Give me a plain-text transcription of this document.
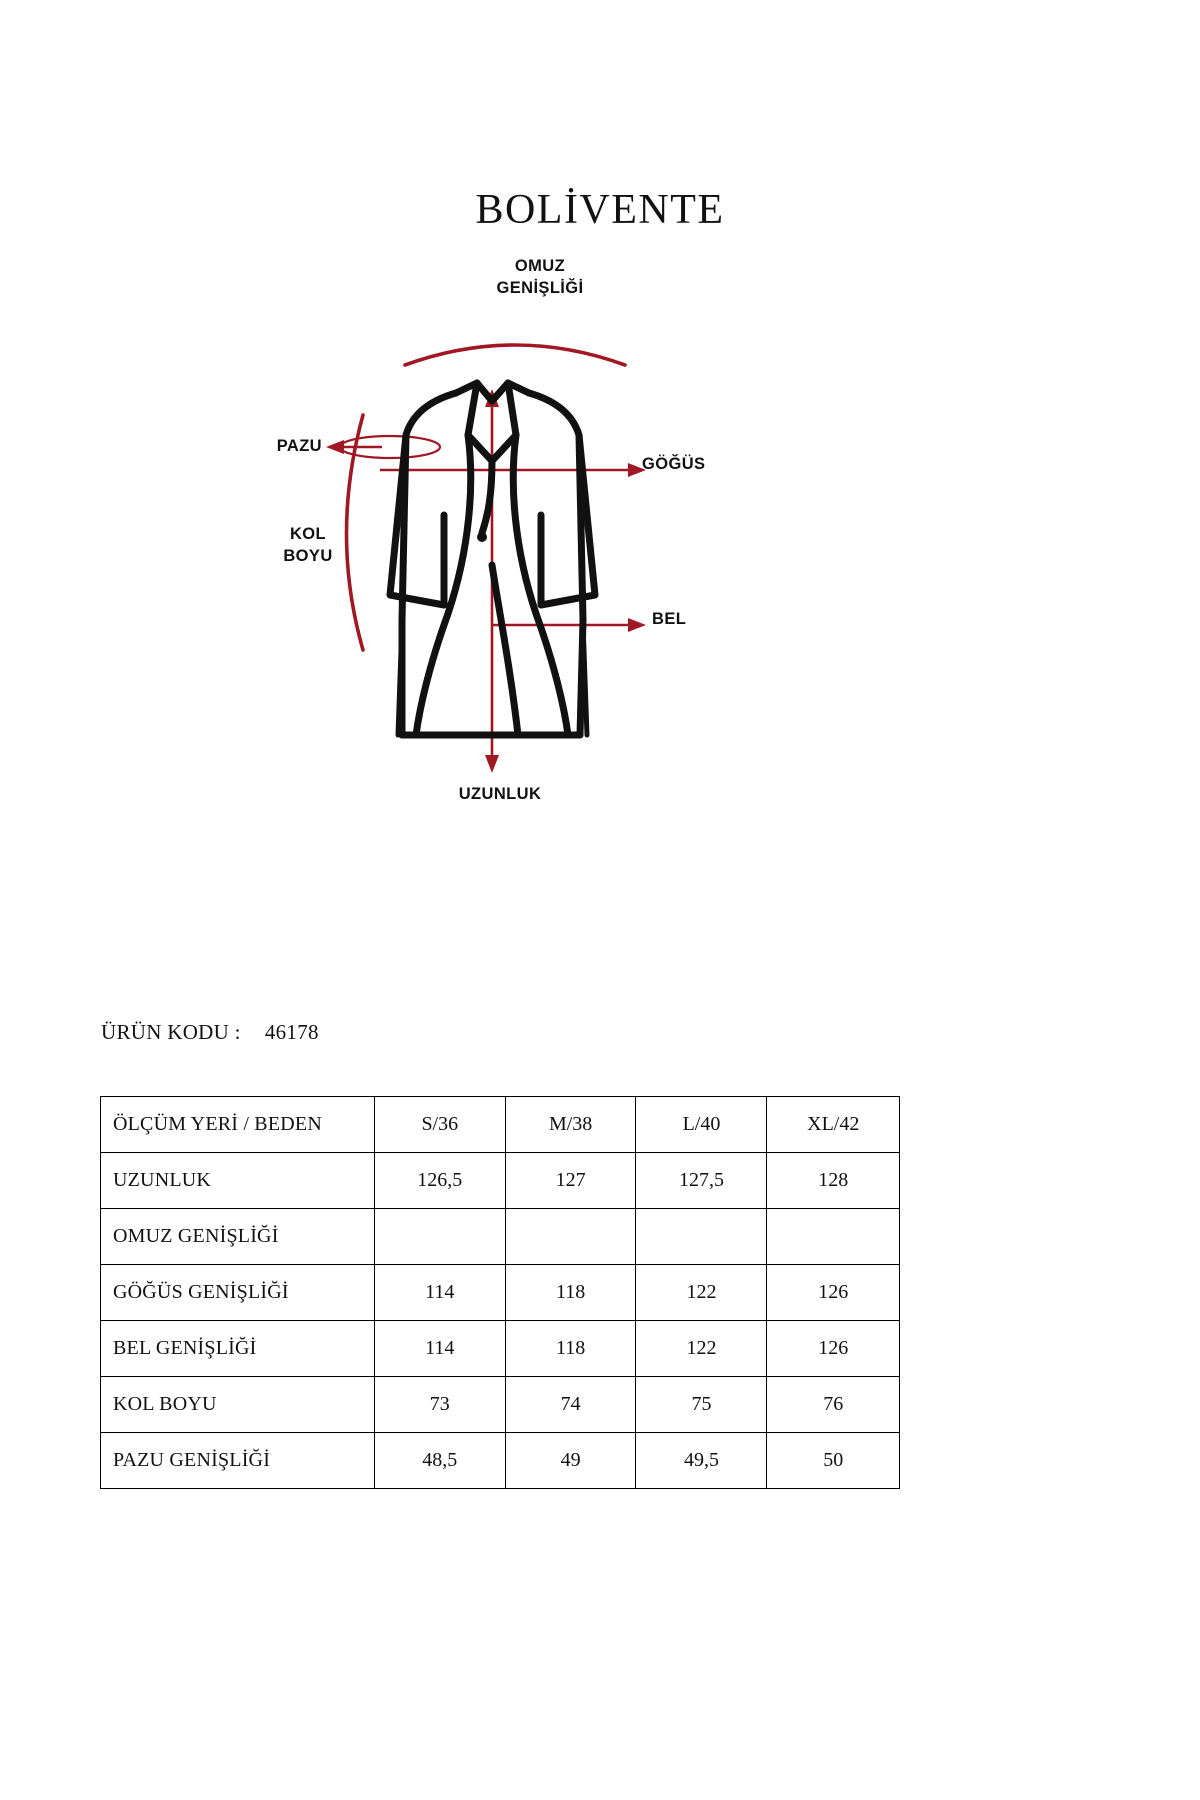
BOLİVENTE
OMUZ
GENİŞLİĞİ
PAZU
GÖĞÜS
KOL
BOYU
BEL
UZUNLUK
ÜRÜN KODU : 46178
ÖLÇÜM YERİ / BEDEN	S/36	M/38	L/40	XL/42
UZUNLUK	126,5	127	127,5	128
OMUZ GENİŞLİĞİ				
GÖĞÜS GENİŞLİĞİ	114	118	122	126
BEL GENİŞLİĞİ	114	118	122	126
KOL BOYU	73	74	75	76
PAZU GENİŞLİĞİ	48,5	49	49,5	50
